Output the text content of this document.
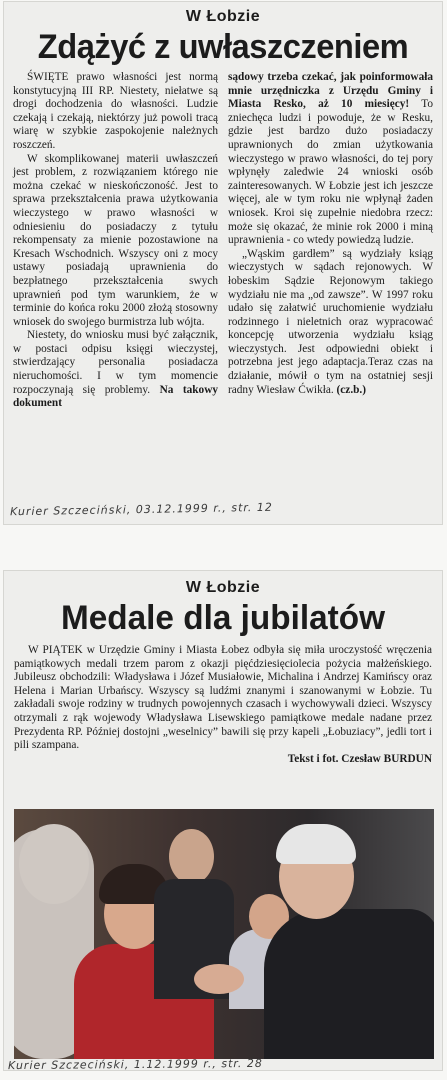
W Łobzie
Zdążyć z uwłaszczeniem

ŚWIĘTE prawo własności jest normą konstytucyjną III RP. Niestety, niełatwe są drogi dochodzenia do własności. Ludzie czekają i czekają, niektórzy już powoli tracą wiarę w szybkie zaspokojenie należnych roszczeń.

W skomplikowanej materii uwłaszczeń jest problem, z rozwiązaniem którego nie można czekać w nieskończoność. Jest to sprawa przekształcenia prawa użytkowania wieczystego w prawo własności w odniesieniu do posiadaczy z tytułu rekompensaty za mienie pozostawione na Kresach Wschodnich. Wszyscy oni z mocy ustawy posiadają uprawnienia do bezpłatnego przekształcenia swych uprawnień pod tym warunkiem, że w terminie do końca roku 2000 złożą stosowny wniosek do swojego burmistrza lub wójta.

Niestety, do wniosku musi być załącznik, w postaci odpisu księgi wieczystej, stwierdzający personalia posiadacza nieruchomości. I w tym momencie rozpoczynają się problemy. Na takowy dokument

sądowy trzeba czekać, jak poinformowała mnie urzędniczka z Urzędu Gminy i Miasta Resko, aż 10 miesięcy! To zniechęca ludzi i powoduje, że w Resku, gdzie jest bardzo dużo posiadaczy uprawnionych do zmian użytkowania wieczystego w prawo własności, do tej pory wpłynęły zaledwie 24 wnioski osób zainteresowanych. W Łobzie jest ich jeszcze więcej, ale w tym roku nie wpłynął żaden wniosek. Kroi się zupełnie niedobra rzecz: może się okazać, że minie rok 2000 i miną uprawnienia - co wtedy powiedzą ludzie.

„Wąskim gardłem” są wydziały ksiąg wieczystych w sądach rejonowych. W łobeskim Sądzie Rejonowym takiego wydziału nie ma „od zawsze”. W 1997 roku udało się załatwić uruchomienie wydziału rodzinnego i nieletnich oraz wypracować koncepcję utworzenia wydziału ksiąg wieczystych. Jest odpowiedni obiekt i potrzebna jest jego adaptacja.Teraz czas na działanie, mówił o tym na ostatniej sesji radny Wiesław Ćwikła. (cz.b.)

Kurier Szczeciński, 03.12.1999 r., str. 12
W Łobzie
Medale dla jubilatów

W PIĄTEK w Urzędzie Gminy i Miasta Łobez odbyła się miła uroczystość wręczenia pamiątkowych medali trzem parom z okazji pięćdziesięciolecia pożycia małżeńskiego. Jubileusz obchodzili: Władysława i Józef Musiałowie, Michalina i Andrzej Kamińscy oraz Helena i Marian Urbańscy. Wszyscy są ludźmi znanymi i szanowanymi w Łobzie. Tu zakładali swoje rodziny w trudnych powojennych czasach i wychowywali dzieci. Wszyscy otrzymali z rąk wojewody Władysława Lisewskiego pamiątkowe medale nadane przez Prezydenta RP. Później dostojni „weselnicy” bawili się przy kapeli „Łobuziacy”, jedli tort i pili szampana.

Tekst i fot. Czesław BURDUN
Kurier Szczeciński, 1.12.1999 r., str. 28
